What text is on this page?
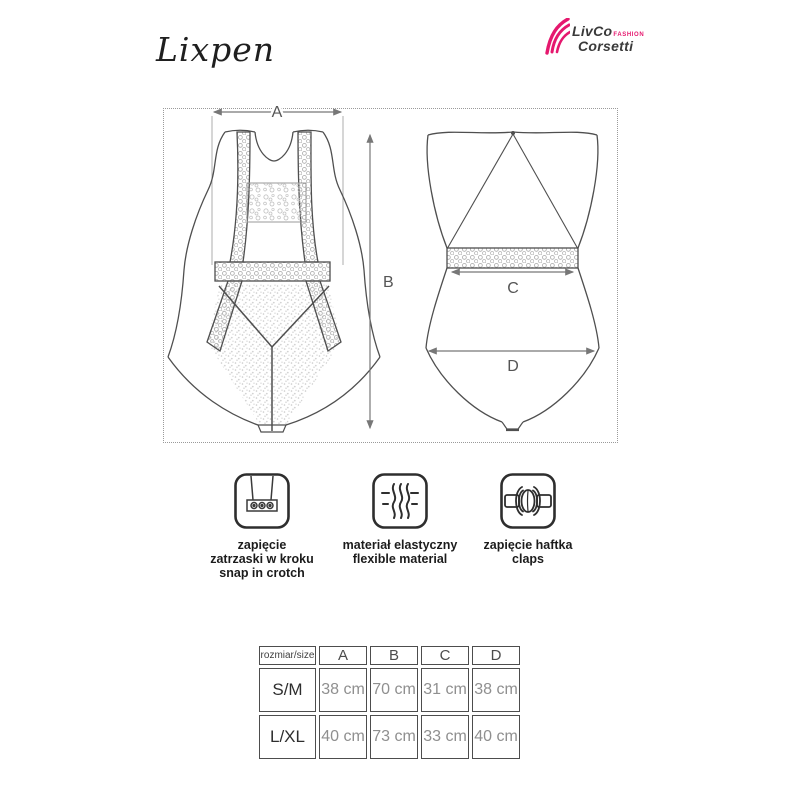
Lixpen	LivCo FASHION
Corsetti
A
B	C
D
zapięcie
zatrzaski w kroku
snap in crotch
materiał elastyczny
flexible material
zapięcie haftka
claps
rozmiar/size	A	B	C	D
S/M	38 cm	70 cm	31 cm	38 cm
L/XL	40 cm	73 cm	33 cm	40 cm
